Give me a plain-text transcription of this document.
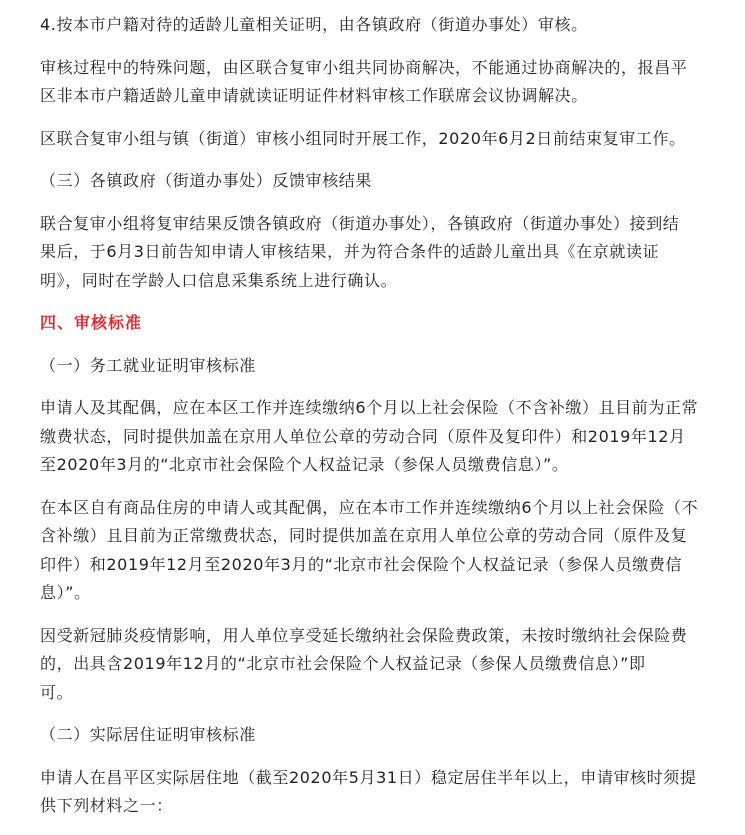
4.按本市户籍对待的适龄儿童相关证明，由各镇政府（街道办事处）审核。
审核过程中的特殊问题，由区联合复审小组共同协商解决，不能通过协商解决的，报昌平
区非本市户籍适龄儿童申请就读证明证件材料审核工作联席会议协调解决。
区联合复审小组与镇（街道）审核小组同时开展工作，2020年6月2日前结束复审工作。
（三）各镇政府（街道办事处）反馈审核结果
联合复审小组将复审结果反馈各镇政府（街道办事处），各镇政府（街道办事处）接到结
果后，于6月3日前告知申请人审核结果，并为符合条件的适龄儿童出具《在京就读证
明》，同时在学龄人口信息采集系统上进行确认。
四、审核标准
（一）务工就业证明审核标准
申请人及其配偶，应在本区工作并连续缴纳6个月以上社会保险（不含补缴）且目前为正常
缴费状态，同时提供加盖在京用人单位公章的劳动合同（原件及复印件）和2019年12月
至2020年3月的“北京市社会保险个人权益记录（参保人员缴费信息）”。
在本区自有商品住房的申请人或其配偶，应在本市工作并连续缴纳6个月以上社会保险（不
含补缴）且目前为正常缴费状态，同时提供加盖在京用人单位公章的劳动合同（原件及复
印件）和2019年12月至2020年3月的“北京市社会保险个人权益记录（参保人员缴费信
息）”。
因受新冠肺炎疫情影响，用人单位享受延长缴纳社会保险费政策，未按时缴纳社会保险费
的，出具含2019年12月的“北京市社会保险个人权益记录（参保人员缴费信息）”即
可。
（二）实际居住证明审核标准
申请人在昌平区实际居住地（截至2020年5月31日）稳定居住半年以上，申请审核时须提
供下列材料之一：
